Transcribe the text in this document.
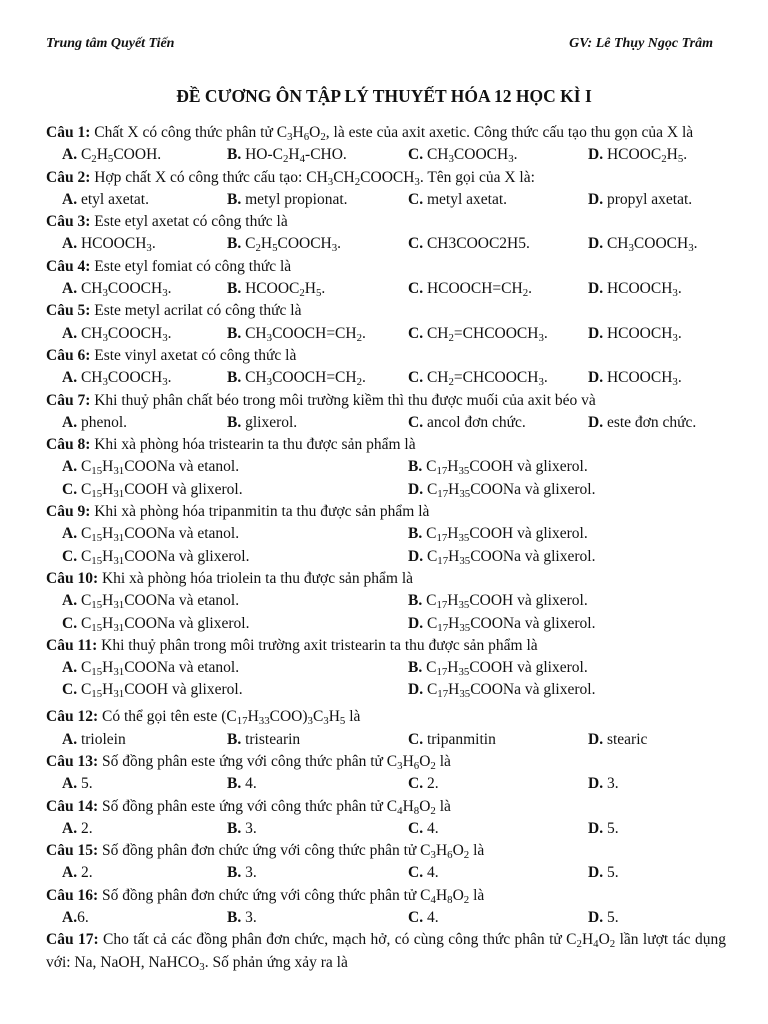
Trung tâm Quyết Tiến	GV: Lê Thụy Ngọc Trâm
ĐỀ CƯƠNG ÔN TẬP LÝ THUYẾT HÓA 12 HỌC KÌ I
Câu 1: Chất X có công thức phân tử $C_3H_6O_2$, là este của axit axetic. Công thức cấu tạo thu gọn của X là
A. $C_2H_5COOH$.	B. $HO-C_2H_4$-CHO.	C. $CH_3COOCH_3$.	D. $HCOOC_2H_5$.
Câu 2: Hợp chất X có công thức cấu tạo: $CH_3CH_2COOCH_3$. Tên gọi của X là:
A. etyl axetat.	B. metyl propionat.	C. metyl axetat.	D. propyl axetat.
Câu 3: Este etyl axetat có công thức là
A. $HCOOCH_3$.	B. $C_2H_5COOCH_3$.	C. CH3COOC2H5.	D. $CH_3COOCH_3$.
Câu 4: Este etyl fomiat có công thức là
A. $CH_3COOCH_3$.	B. $HCOOC_2H_5$.	C. $HCOOCH=CH_2$.	D. $HCOOCH_3$.
Câu 5: Este metyl acrilat có công thức là
A. $CH_3COOCH_3$.	B. $CH_3COOCH=CH_2$.	C. $CH_2=CHCOOCH_3$.	D. $HCOOCH_3$.
Câu 6: Este vinyl axetat có công thức là
A. $CH_3COOCH_3$.	B. $CH_3COOCH=CH_2$.	C. $CH_2=CHCOOCH_3$.	D. $HCOOCH_3$.
Câu 7: Khi thuỷ phân chất béo trong môi trường kiềm thì thu được muối của axit béo và
A. phenol.	B. glixerol.	C. ancol đơn chức.	D. este đơn chức.
Câu 8: Khi xà phòng hóa tristearin ta thu được sản phẩm là
A. $C_{15}H_{31}COONa$ và etanol.	B. $C_{17}H_{35}COOH$ và glixerol.
C. $C_{15}H_{31}COOH$ và glixerol.	D. $C_{17}H_{35}COONa$ và glixerol.
Câu 9: Khi xà phòng hóa tripanmitin ta thu được sản phẩm là
A. $C_{15}H_{31}COONa$ và etanol.	B. $C_{17}H_{35}COOH$ và glixerol.
C. $C_{15}H_{31}COONa$ và glixerol.	D. $C_{17}H_{35}COONa$ và glixerol.
Câu 10: Khi xà phòng hóa triolein ta thu được sản phẩm là
A. $C_{15}H_{31}COONa$ và etanol.	B. $C_{17}H_{35}COOH$ và glixerol.
C. $C_{15}H_{31}COONa$ và glixerol.	D. $C_{17}H_{35}COONa$ và glixerol.
Câu 11: Khi thuỷ phân trong môi trường axit tristearin ta thu được sản phẩm là
A. $C_{15}H_{31}COONa$ và etanol.	B. $C_{17}H_{35}COOH$ và glixerol.
C. $C_{15}H_{31}COOH$ và glixerol.	D. $C_{17}H_{35}COONa$ và glixerol.
Câu 12: Có thể gọi tên este $(C_{17}H_{33}COO)_3C_3H_5$ là
A. triolein	B. tristearin	C. tripanmitin	D. stearic
Câu 13: Số đồng phân este ứng với công thức phân tử $C_3H_6O_2$ là
A. 5.	B. 4.	C. 2.	D. 3.
Câu 14: Số đồng phân este ứng với công thức phân tử $C_4H_8O_2$ là
A. 2.	B. 3.	C. 4.	D. 5.
Câu 15: Số đồng phân đơn chức ứng với công thức phân tử $C_3H_6O_2$ là
A. 2.	B. 3.	C. 4.	D. 5.
Câu 16: Số đồng phân đơn chức ứng với công thức phân tử $C_4H_8O_2$ là
A.6.	B. 3.	C. 4.	D. 5.
Câu 17: Cho tất cả các đồng phân đơn chức, mạch hở, có cùng công thức phân tử $C_2H_4O_2$ lần lượt tác dụng với: Na, NaOH, NaHCO$_3$. Số phản ứng xảy ra là
